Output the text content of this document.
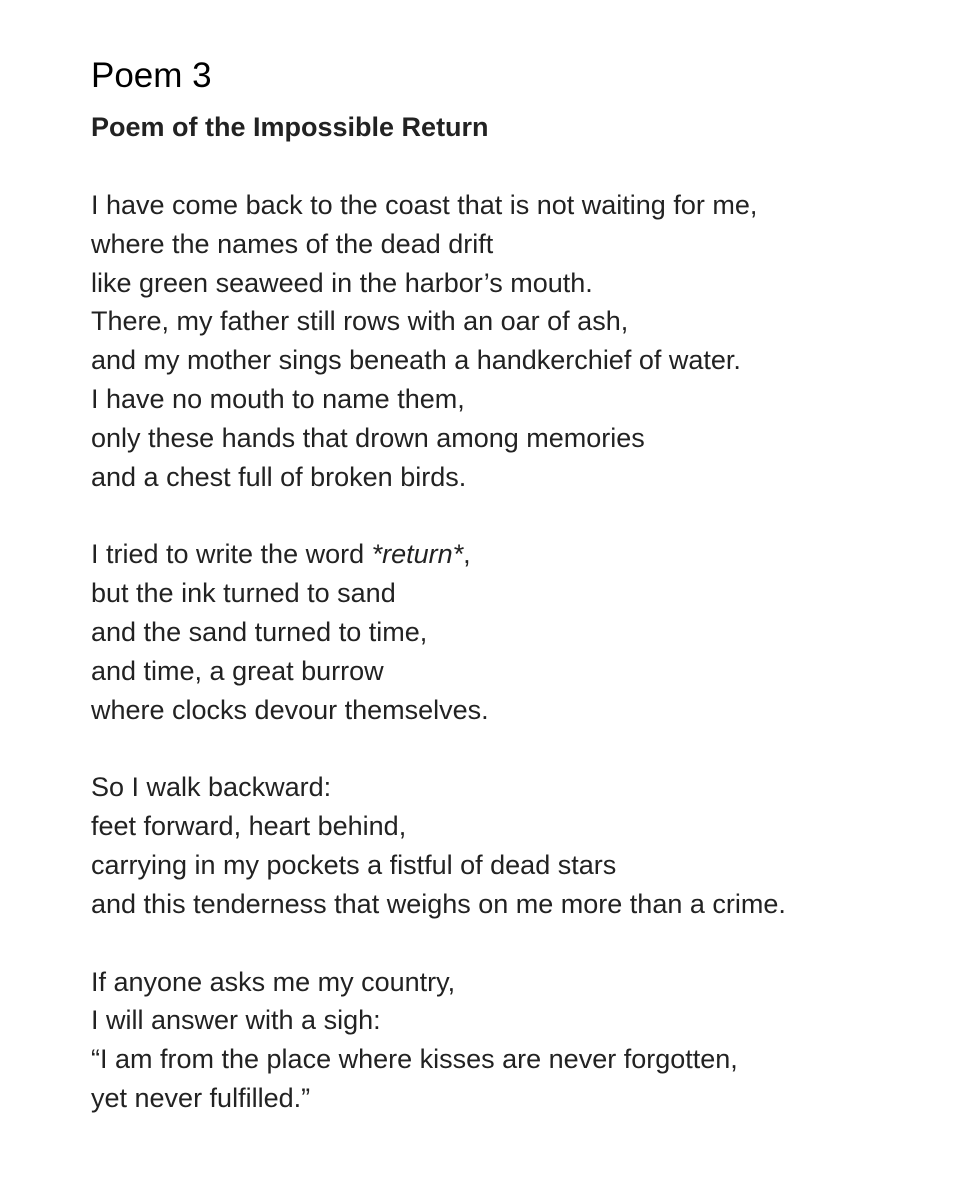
Poem 3
Poem of the Impossible Return
I have come back to the coast that is not waiting for me,
where the names of the dead drift
like green seaweed in the harbor’s mouth.
There, my father still rows with an oar of ash,
and my mother sings beneath a handkerchief of water.
I have no mouth to name them,
only these hands that drown among memories
and a chest full of broken birds.
I tried to write the word *return*,
but the ink turned to sand
and the sand turned to time,
and time, a great burrow
where clocks devour themselves.
So I walk backward:
feet forward, heart behind,
carrying in my pockets a fistful of dead stars
and this tenderness that weighs on me more than a crime.
If anyone asks me my country,
I will answer with a sigh:
“I am from the place where kisses are never forgotten,
yet never fulfilled.”
